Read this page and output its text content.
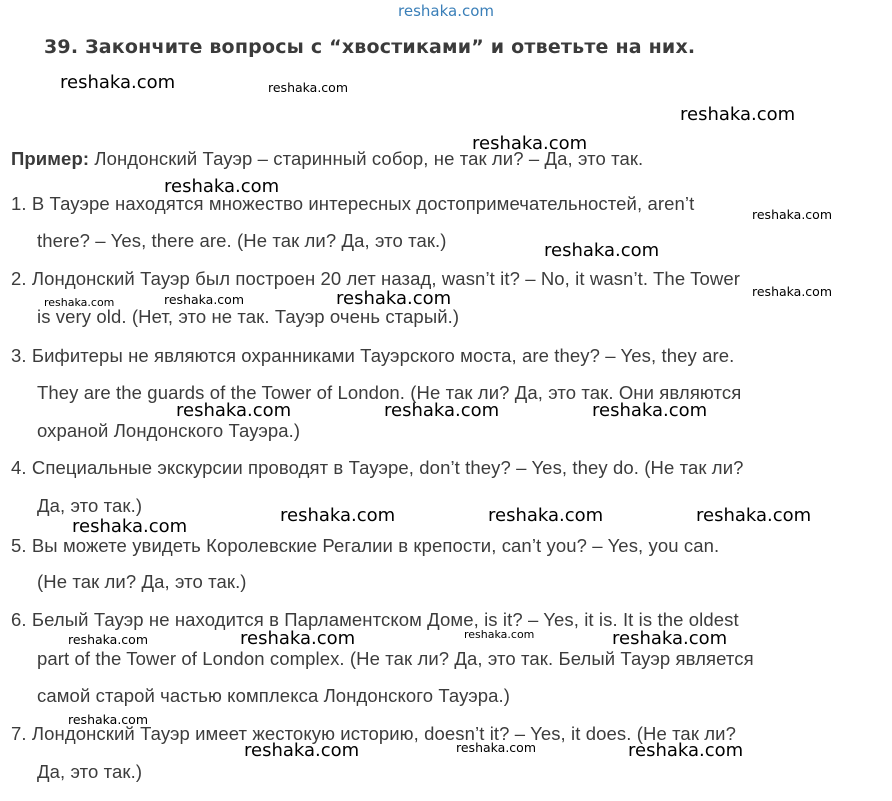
reshaka.com
39. Закончите вопросы с “хвостиками” и ответьте на них.
Пример: Лондонский Тауэр – старинный собор, не так ли? – Да, это так.
1. В Тауэре находятся множество интересных достопримечательностей, aren’t
there? – Yes, there are. (Не так ли? Да, это так.)
2. Лондонский Тауэр был построен 20 лет назад, wasn’t it? – No, it wasn’t. The Tower
is very old. (Нет, это не так. Тауэр очень старый.)
3. Бифитеры не являются охранниками Тауэрского моста, are they? – Yes, they are.
They are the guards of the Tower of London. (Не так ли? Да, это так. Они являются
охраной Лондонского Тауэра.)
4. Специальные экскурсии проводят в Тауэре, don’t they? – Yes, they do. (Не так ли?
Да, это так.)
5. Вы можете увидеть Королевские Регалии в крепости, can’t you? – Yes, you can.
(Не так ли? Да, это так.)
6. Белый Тауэр не находится в Парламентском Доме, is it? – Yes, it is. It is the oldest
part of the Tower of London complex. (Не так ли? Да, это так. Белый Тауэр является
самой старой частью комплекса Лондонского Тауэра.)
7. Лондонский Тауэр имеет жестокую историю, doesn’t it? – Yes, it does. (Не так ли?
Да, это так.)
reshaka.com	reshaka.com
reshaka.com
reshaka.com
reshaka.com
reshaka.com
reshaka.com
reshaka.com
reshaka.com	reshaka.com	reshaka.com
reshaka.com	reshaka.com	reshaka.com
reshaka.com
reshaka.com	reshaka.com	reshaka.com
reshaka.com	reshaka.com	reshaka.com	reshaka.com
reshaka.com
reshaka.com	reshaka.com	reshaka.com
